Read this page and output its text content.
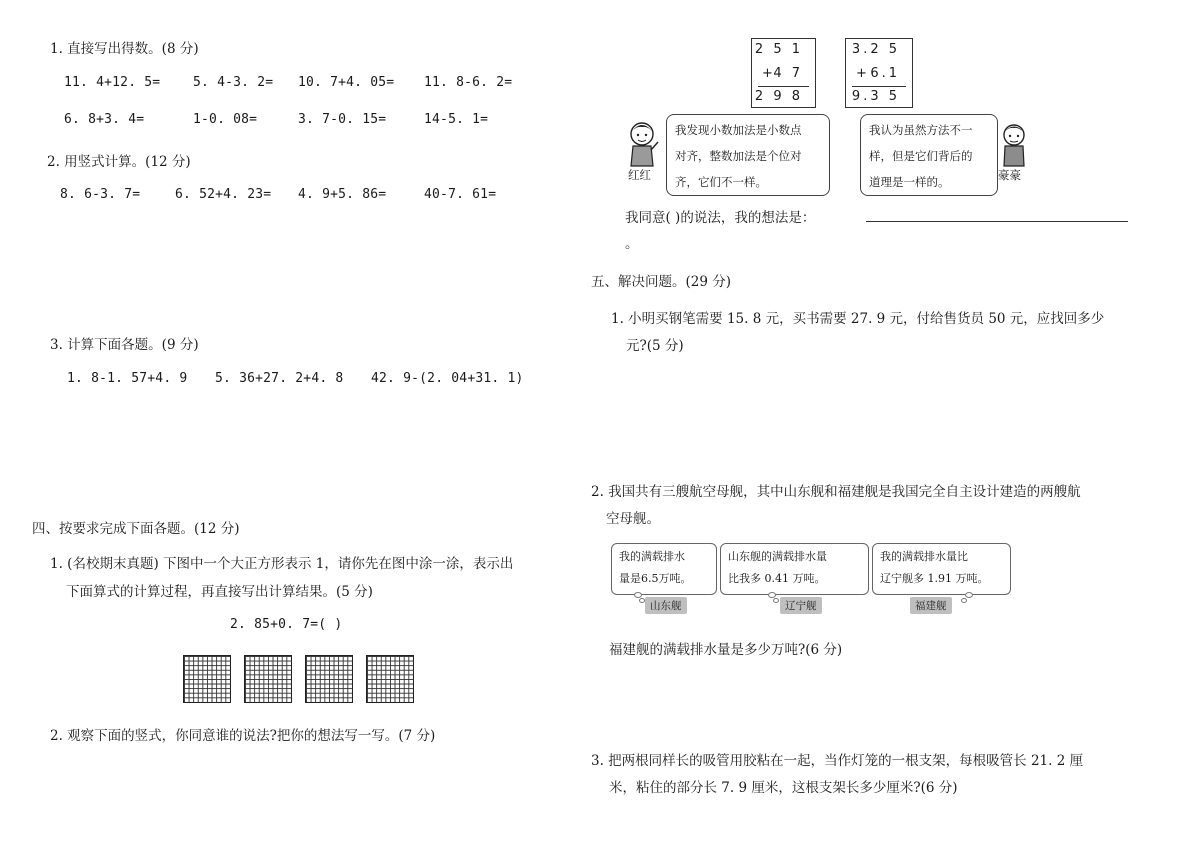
1. 直接写出得数。(8 分)
11. 4+12. 5=	5. 4-3. 2= 10. 7+4. 05= 11. 8-6. 2=
6. 8+3. 4=	1-0. 08=	3. 7-0. 15=	14-5. 1=
2. 用竖式计算。(12 分)
8. 6-3. 7=	6. 52+4. 23= 4. 9+5. 86=	40-7. 61=
3. 计算下面各题。(9 分)
1. 8-1. 57+4. 9 5. 36+27. 2+4. 8 42. 9-(2. 04+31. 1)
四、按要求完成下面各题。(12 分)
1. (名校期末真题) 下图中一个大正方形表示 1，请你先在图中涂一涂，表示出
下面算式的计算过程，再直接写出计算结果。(5 分)
2. 85+0. 7=( )
2. 观察下面的竖式，你同意谁的说法?把你的想法写一写。(7 分)
2 5 1
+ 4 7
2 9 8
3.2 5
+ 6.1
9.3 5
红红
我发现小数加法是小数点
对齐，整数加法是个位对
齐，它们不一样。
我认为虽然方法不一
样，但是它们背后的
道理是一样的。	豪豪
我同意( )的说法，我的想法是：
。
五、解决问题。(29 分)
1. 小明买钢笔需要 15. 8 元，买书需要 27. 9 元，付给售货员 50 元，应找回多少
元?(5 分)
2. 我国共有三艘航空母舰，其中山东舰和福建舰是我国完全自主设计建造的两艘航
空母舰。
我的满载排水
量是6.5万吨。
山东舰
山东舰的满载排水量
比我多 0.41 万吨。
辽宁舰
我的满载排水量比
辽宁舰多 1.91 万吨。
福建舰
福建舰的满载排水量是多少万吨?(6 分)
3. 把两根同样长的吸管用胶粘在一起，当作灯笼的一根支架，每根吸管长 21. 2 厘
米，粘住的部分长 7. 9 厘米，这根支架长多少厘米?(6 分)
